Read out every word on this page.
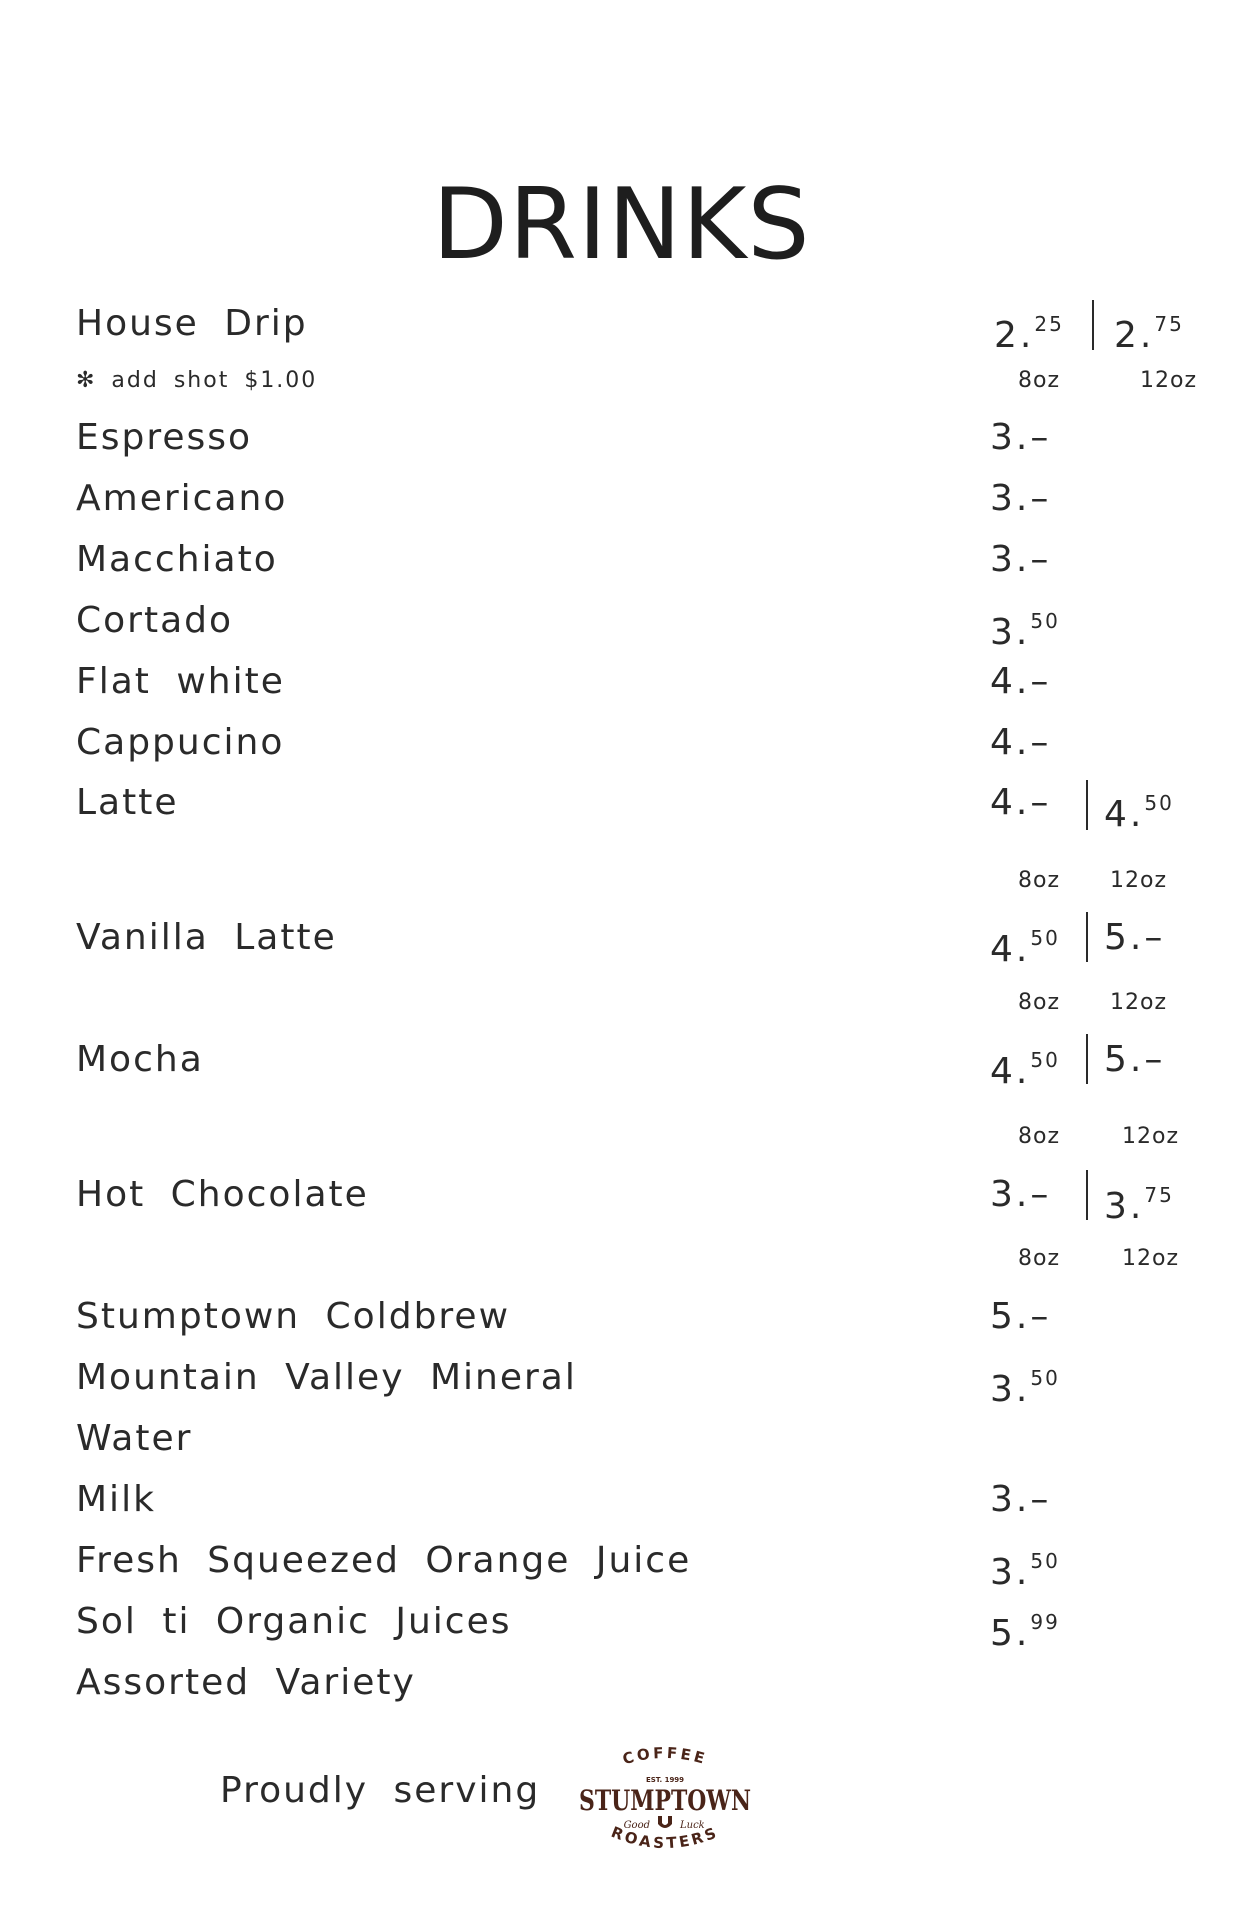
DRINKS
House Drip	2.25 2.75
✻ add shot $1.00	8oz	12oz
Espresso	3.–
Americano	3.–
Macchiato	3.–
Cortado	3.50
Flat white	4.–
Cappucino	4.–
Latte	4.– 4.50
8oz 12oz
Vanilla Latte	4.50 5.–
8oz 12oz
Mocha	4.50 5.–
8oz	12oz
Hot Chocolate	3.– 3.75
8oz	12oz
Stumptown Coldbrew	5.–
Mountain Valley Mineral	3.50
Water
Milk	3.–
Fresh Squeezed Orange Juice	3.50
Sol ti Organic Juices	5.99
Assorted Variety
Proudly serving
COFFEE
EST. 1999
STUMPTOWN
Good	Luck
ROASTERS
